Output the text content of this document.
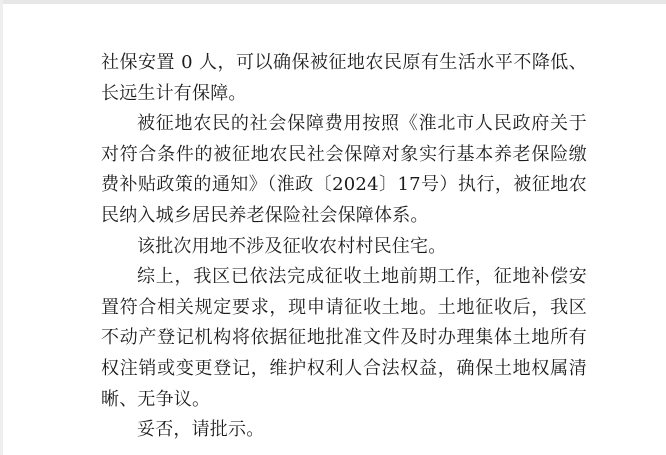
社保安置 0 人，可以确保被征地农民原有生活水平不降低、长远生计有保障。

被征地农民的社会保障费用按照《淮北市人民政府关于对符合条件的被征地农民社会保障对象实行基本养老保险缴费补贴政策的通知》（淮政〔2024〕17号）执行，被征地农民纳入城乡居民养老保险社会保障体系。

该批次用地不涉及征收农村村民住宅。

综上，我区已依法完成征收土地前期工作，征地补偿安置符合相关规定要求，现申请征收土地。土地征收后，我区不动产登记机构将依据征地批准文件及时办理集体土地所有权注销或变更登记，维护权利人合法权益，确保土地权属清晰、无争议。

妥否，请批示。
